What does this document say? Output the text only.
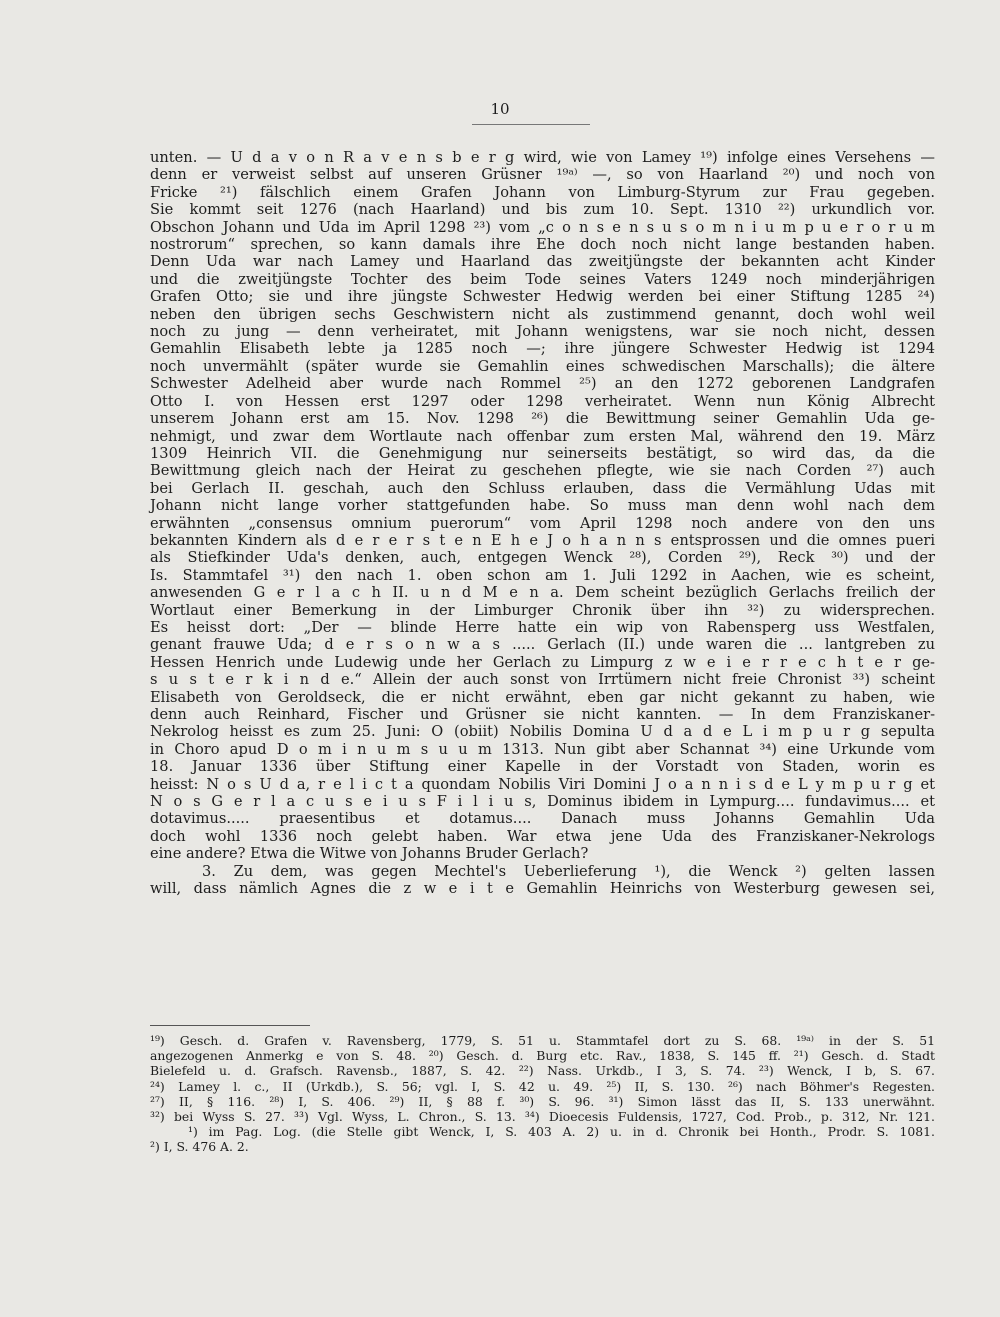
10
unten. — U d a v o n R a v e n s b e r g wird, wie von Lamey ¹⁹) infolge eines Versehens —
denn er verweist selbst auf unseren Grüsner ¹⁹ᵃ⁾ —, so von Haarland ²⁰) und noch von
Fricke ²¹) fälschlich einem Grafen Johann von Limburg-Styrum zur Frau gegeben.
Sie kommt seit 1276 (nach Haarland) und bis zum 10. Sept. 1310 ²²) urkundlich vor.
Obschon Johann und Uda im April 1298 ²³) vom „c o n s e n s u s o m n i u m p u e r o r u m
nostrorum“ sprechen, so kann damals ihre Ehe doch noch nicht lange bestanden haben.
Denn Uda war nach Lamey und Haarland das zweitjüngste der bekannten acht Kinder
und die zweitjüngste Tochter des beim Tode seines Vaters 1249 noch minderjährigen
Grafen Otto; sie und ihre jüngste Schwester Hedwig werden bei einer Stiftung 1285 ²⁴)
neben den übrigen sechs Geschwistern nicht als zustimmend genannt, doch wohl weil
noch zu jung — denn verheiratet, mit Johann wenigstens, war sie noch nicht, dessen
Gemahlin Elisabeth lebte ja 1285 noch —; ihre jüngere Schwester Hedwig ist 1294
noch unvermählt (später wurde sie Gemahlin eines schwedischen Marschalls); die ältere
Schwester Adelheid aber wurde nach Rommel ²⁵) an den 1272 geborenen Landgrafen
Otto I. von Hessen erst 1297 oder 1298 verheiratet. Wenn nun König Albrecht
unserem Johann erst am 15. Nov. 1298 ²⁶) die Bewittmung seiner Gemahlin Uda ge-
nehmigt, und zwar dem Wortlaute nach offenbar zum ersten Mal, während den 19. März
1309 Heinrich VII. die Genehmigung nur seinerseits bestätigt, so wird das, da die
Bewittmung gleich nach der Heirat zu geschehen pflegte, wie sie nach Corden ²⁷) auch
bei Gerlach II. geschah, auch den Schluss erlauben, dass die Vermählung Udas mit
Johann nicht lange vorher stattgefunden habe. So muss man denn wohl nach dem
erwähnten „consensus omnium puerorum“ vom April 1298 noch andere von den uns
bekannten Kindern als d e r e r s t e n E h e J o h a n n s entsprossen und die omnes pueri
als Stiefkinder Uda's denken, auch, entgegen Wenck ²⁸), Corden ²⁹), Reck ³⁰) und der
Is. Stammtafel ³¹) den nach 1. oben schon am 1. Juli 1292 in Aachen, wie es scheint,
anwesenden G e r l a c h II. u n d M e n a. Dem scheint bezüglich Gerlachs freilich der
Wortlaut einer Bemerkung in der Limburger Chronik über ihn ³²) zu widersprechen.
Es heisst dort: „Der — blinde Herre hatte ein wip von Rabensperg uss Westfalen,
genant frauwe Uda; d e r s o n w a s ..... Gerlach (II.) unde waren die ... lantgreben zu
Hessen Henrich unde Ludewig unde her Gerlach zu Limpurg z w e i e r r e c h t e r ge-
s u s t e r k i n d e.“ Allein der auch sonst von Irrtümern nicht freie Chronist ³³) scheint
Elisabeth von Geroldseck, die er nicht erwähnt, eben gar nicht gekannt zu haben, wie
denn auch Reinhard, Fischer und Grüsner sie nicht kannten. — In dem Franziskaner-
Nekrolog heisst es zum 25. Juni: O (obiit) Nobilis Domina U d a d e L i m p u r g sepulta
in Choro apud D o m i n u m s u u m 1313. Nun gibt aber Schannat ³⁴) eine Urkunde vom
18. Januar 1336 über Stiftung einer Kapelle in der Vorstadt von Staden, worin es
heisst: N o s U d a, r e l i c t a quondam Nobilis Viri Domini J o a n n i s d e L y m p u r g et
N o s G e r l a c u s e i u s F i l i u s, Dominus ibidem in Lympurg.... fundavimus.... et
dotavimus..... praesentibus et dotamus.... Danach muss Johanns Gemahlin Uda
doch wohl 1336 noch gelebt haben. War etwa jene Uda des Franziskaner-Nekrologs
eine andere? Etwa die Witwe von Johanns Bruder Gerlach?
3. Zu dem, was gegen Mechtel's Ueberlieferung ¹), die Wenck ²) gelten lassen
will, dass nämlich Agnes die z w e i t e Gemahlin Heinrichs von Westerburg gewesen sei,
¹⁹) Gesch. d. Grafen v. Ravensberg, 1779, S. 51 u. Stammtafel dort zu S. 68. ¹⁹ᵃ⁾ in der S. 51
angezogenen Anmerkg e von S. 48. ²⁰) Gesch. d. Burg etc. Rav., 1838, S. 145 ff. ²¹) Gesch. d. Stadt
Bielefeld u. d. Grafsch. Ravensb., 1887, S. 42. ²²) Nass. Urkdb., I 3, S. 74. ²³) Wenck, I b, S. 67.
²⁴) Lamey l. c., II (Urkdb.), S. 56; vgl. I, S. 42 u. 49. ²⁵) II, S. 130. ²⁶) nach Böhmer's Regesten.
²⁷) II, § 116. ²⁸) I, S. 406. ²⁹) II, § 88 f. ³⁰) S. 96. ³¹) Simon lässt das II, S. 133 unerwähnt.
³²) bei Wyss S. 27. ³³) Vgl. Wyss, L. Chron., S. 13. ³⁴) Dioecesis Fuldensis, 1727, Cod. Prob., p. 312, Nr. 121.
¹) im Pag. Log. (die Stelle gibt Wenck, I, S. 403 A. 2) u. in d. Chronik bei Honth., Prodr. S. 1081.
²) I, S. 476 A. 2.
